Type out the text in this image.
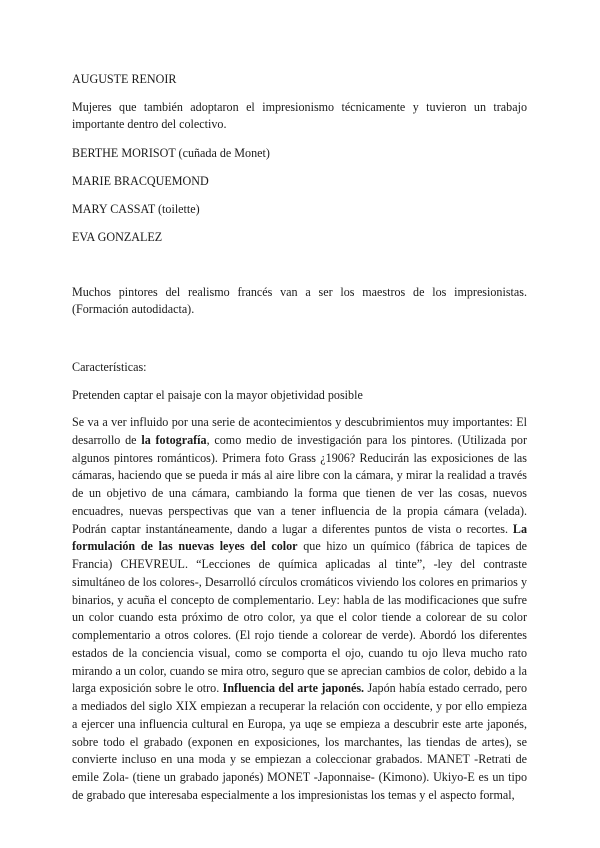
AUGUSTE RENOIR
Mujeres que también adoptaron el impresionismo técnicamente y tuvieron un trabajo importante dentro del colectivo.
BERTHE MORISOT (cuñada de Monet)
MARIE BRACQUEMOND
MARY CASSAT (toilette)
EVA GONZALEZ
Muchos pintores del realismo francés van a ser los maestros de los impresionistas. (Formación autodidacta).
Características:
Pretenden captar el paisaje con la mayor objetividad posible
Se va a ver influido por una serie de acontecimientos y descubrimientos muy importantes: El desarrollo de la fotografía, como medio de investigación para los pintores. (Utilizada por algunos pintores románticos). Primera foto Grass ¿1906? Reducirán las exposiciones de las cámaras, haciendo que se pueda ir más al aire libre con la cámara, y mirar la realidad a través de un objetivo de una cámara, cambiando la forma que tienen de ver las cosas, nuevos encuadres, nuevas perspectivas que van a tener influencia de la propia cámara (velada). Podrán captar instantáneamente, dando a lugar a diferentes puntos de vista o recortes. La formulación de las nuevas leyes del color que hizo un químico (fábrica de tapices de Francia) CHEVREUL. “Lecciones de química aplicadas al tinte”, -ley del contraste simultáneo de los colores-, Desarrolló círculos cromáticos viviendo los colores en primarios y binarios, y acuña el concepto de complementario. Ley: habla de las modificaciones que sufre un color cuando esta próximo de otro color, ya que el color tiende a colorear de su color complementario a otros colores. (El rojo tiende a colorear de verde). Abordó los diferentes estados de la conciencia visual, como se comporta el ojo, cuando tu ojo lleva mucho rato mirando a un color, cuando se mira otro, seguro que se aprecian cambios de color, debido a la larga exposición sobre le otro. Influencia del arte japonés. Japón había estado cerrado, pero a mediados del siglo XIX empiezan a recuperar la relación con occidente, y por ello empieza a ejercer una influencia cultural en Europa, ya uqe se empieza a descubrir este arte japonés, sobre todo el grabado (exponen en exposiciones, los marchantes, las tiendas de artes), se convierte incluso en una moda y se empiezan a coleccionar grabados. MANET -Retrati de emile Zola- (tiene un grabado japonés) MONET -Japonnaise- (Kimono). Ukiyo-E es un tipo de grabado que interesaba especialmente a los impresionistas los temas y el aspecto formal,
